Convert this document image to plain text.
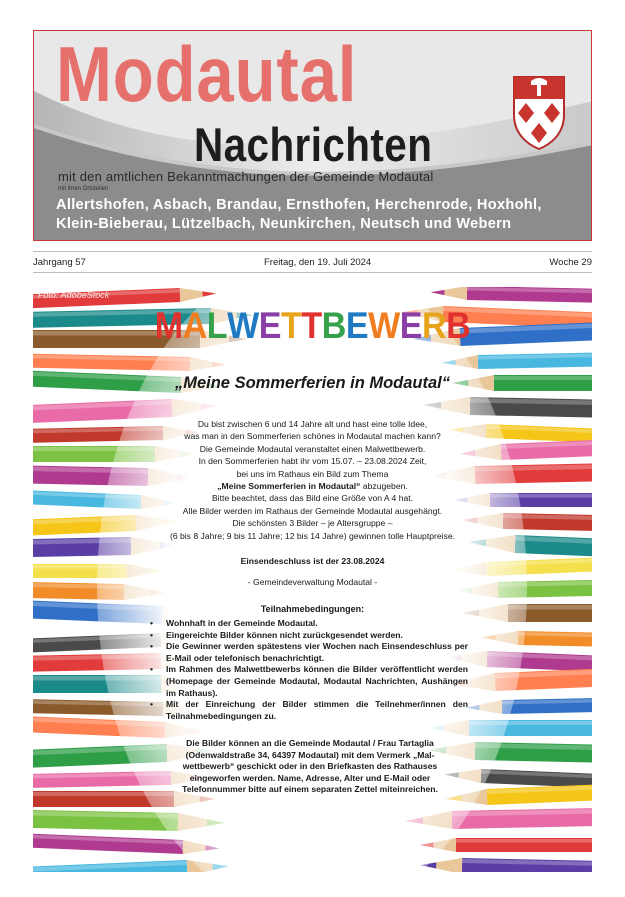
Modautal
Nachrichten
mit den amtlichen Bekanntmachungen der Gemeinde Modautal
mit ihren Ortsteilen
Allertshofen, Asbach, Brandau, Ernsthofen, Herchenrode, Hoxhohl,
Klein-Bieberau, Lützelbach, Neunkirchen, Neutsch und Webern
Jahrgang 57	Freitag, den 19. Juli 2024	Woche 29
Foto: AdobeStock
MALWETTBEWERB
„Meine Sommerferien in Modautal“

Du bist zwischen 6 und 14 Jahre alt und hast eine tolle Idee,

was man in den Sommerferien schönes in Modautal machen kann?

Die Gemeinde Modautal veranstaltet einen Malwettbewerb.

In den Sommerferien habt ihr vom 15.07. – 23.08.2024 Zeit,

bei uns im Rathaus ein Bild zum Thema

„Meine Sommerferien in Modautal“ abzugeben.

Bitte beachtet, dass das Bild eine Größe von A 4 hat.

Alle Bilder werden im Rathaus der Gemeinde Modautal ausgehängt.

Die schönsten 3 Bilder – je Altersgruppe –

(6 bis 8 Jahre; 9 bis 11 Jahre; 12 bis 14 Jahre) gewinnen tolle Hauptpreise.

Einsendeschluss ist der 23.08.2024
- Gemeindeverwaltung Modautal -
Teilnahmebedingungen:
• Wohnhaft in der Gemeinde Modautal.
• Eingereichte Bilder können nicht zurückgesendet werden.
• Die Gewinner werden spätestens vier Wochen nach Einsendeschluss per E-Mail oder telefonisch benachrichtigt.
• Im Rahmen des Malwettbewerbs können die Bilder veröffentlicht werden (Homepage der Gemeinde Modautal, Modautal Nachrichten, Aushängen im Rathaus).
• Mit der Einreichung der Bilder stimmen die Teilnehmer/innen den Teilnahmebedingungen zu.
Die Bilder können an die Gemeinde Modautal / Frau Tartaglia
(Odenwaldstraße 34, 64397 Modautal) mit dem Vermerk „Mal-
wettbewerb“ geschickt oder in den Briefkasten des Rathauses
eingeworfen werden. Name, Adresse, Alter und E-Mail oder
Telefonnummer bitte auf einem separaten Zettel miteinreichen.
